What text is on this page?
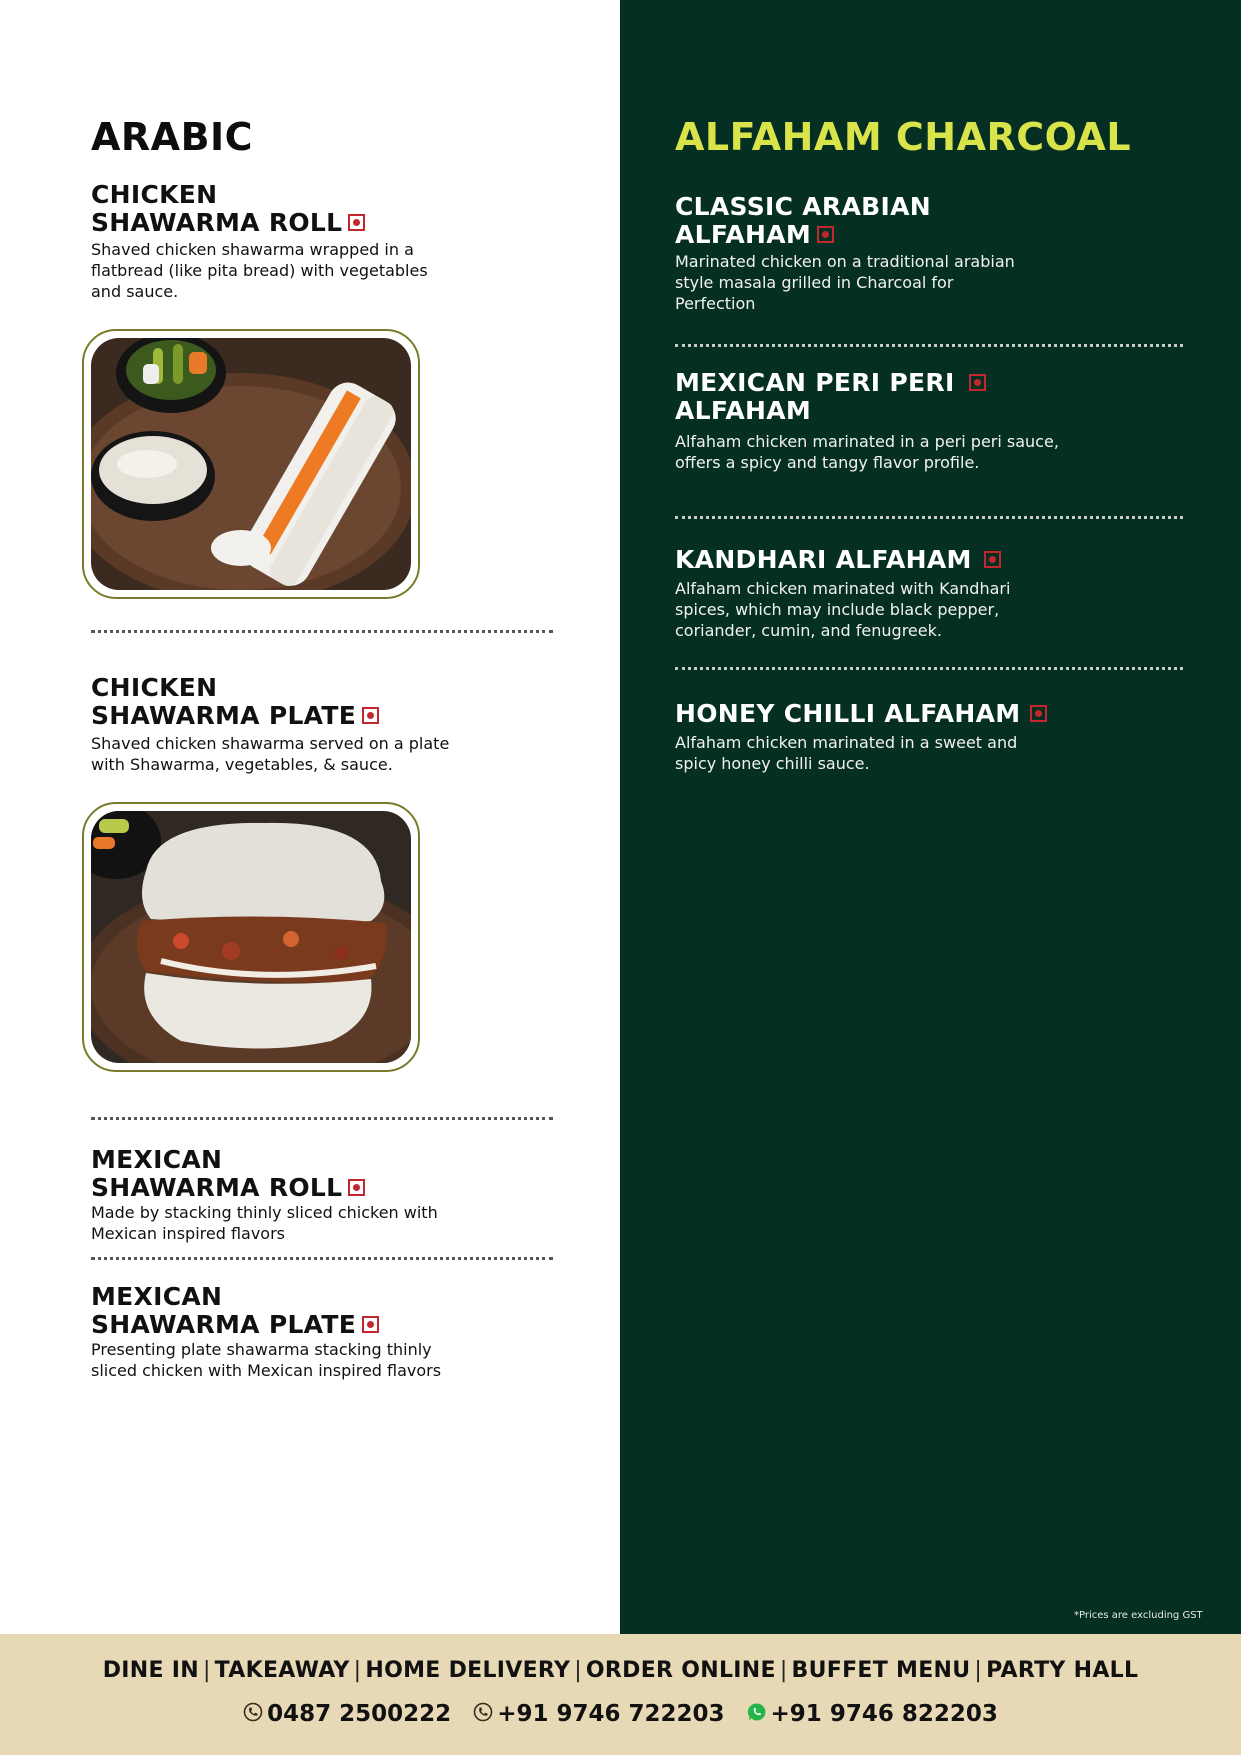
ARABIC
CHICKEN
SHAWARMA ROLL

Shaved chicken shawarma wrapped in a flatbread (like pita bread) with vegetables and sauce.

CHICKEN
SHAWARMA PLATE

Shaved chicken shawarma served on a plate with Shawarma, vegetables, & sauce.

MEXICAN
SHAWARMA ROLL

Made by stacking thinly sliced chicken with Mexican inspired flavors

MEXICAN
SHAWARMA PLATE

Presenting plate shawarma stacking thinly sliced chicken with Mexican inspired flavors

ALFAHAM CHARCOAL
CLASSIC ARABIAN
ALFAHAM

Marinated chicken on a traditional arabian style masala grilled in Charcoal for Perfection

MEXICAN PERI PERI
ALFAHAM

Alfaham chicken marinated in a peri peri sauce, offers a spicy and tangy flavor profile.

KANDHARI ALFAHAM

Alfaham chicken marinated with Kandhari spices, which may include black pepper, coriander, cumin, and fenugreek.

HONEY CHILLI ALFAHAM

Alfaham chicken marinated in a sweet and spicy honey chilli sauce.

*Prices are excluding GST
DINE IN | TAKEAWAY | HOME DELIVERY | ORDER ONLINE | BUFFET MENU | PARTY HALL
0487 2500222 +91 9746 722203 +91 9746 822203
